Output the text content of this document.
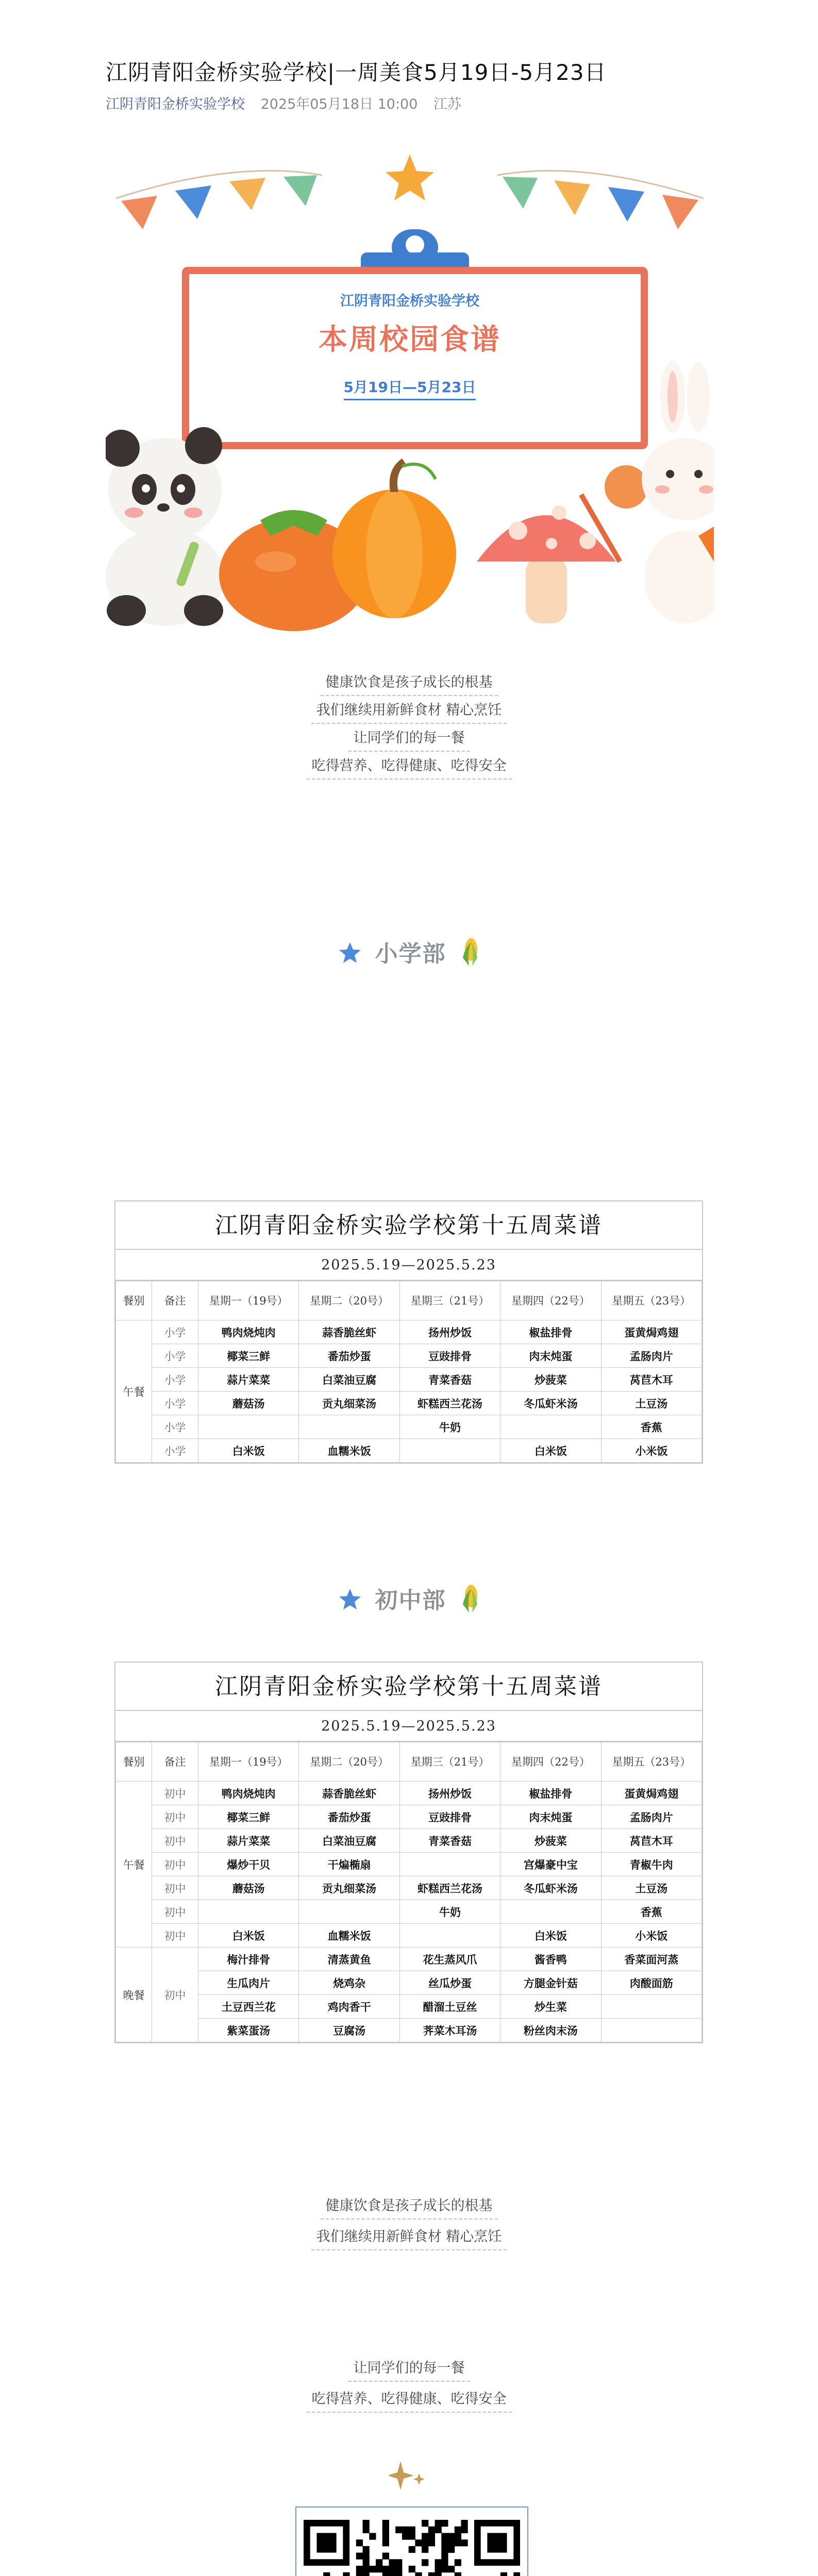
江阴青阳金桥实验学校|一周美食5月19日-5月23日
江阴青阳金桥实验学校 2025年05月18日 10:00 江苏
江阴青阳金桥实验学校
本周校园食谱
5月19日—5月23日
健康饮食是孩子成长的根基
我们继续用新鲜食材 精心烹饪
让同学们的每一餐
吃得营养、吃得健康、吃得安全
小学部
江阴青阳金桥实验学校第十五周菜谱
2025.5.19—2025.5.23
餐别	备注	星期一（19号）	星期二（20号）	星期三（21号）	星期四（22号）	星期五（23号）
午餐	小学	鸭肉烧炖肉	蒜香脆丝虾	扬州炒饭	椒盐排骨	蛋黄焗鸡翅
	小学	椰菜三鲜	番茄炒蛋	豆豉排骨	肉末炖蛋	孟肠肉片
	小学	蒜片菜菜	白菜油豆腐	青菜香菇	炒菠菜	莴苣木耳
	小学	蘑菇汤	贡丸细菜汤	虾糕西兰花汤	冬瓜虾米汤	土豆汤
	小学			牛奶		香蕉
	小学	白米饭	血糯米饭		白米饭	小米饭
初中部
江阴青阳金桥实验学校第十五周菜谱
2025.5.19—2025.5.23
餐别	备注	星期一（19号）	星期二（20号）	星期三（21号）	星期四（22号）	星期五（23号）
午餐	初中	鸭肉烧炖肉	蒜香脆丝虾	扬州炒饭	椒盐排骨	蛋黄焗鸡翅
	初中	椰菜三鲜	番茄炒蛋	豆豉排骨	肉末炖蛋	孟肠肉片
	初中	蒜片菜菜	白菜油豆腐	青菜香菇	炒菠菜	莴苣木耳
	初中	爆炒干贝	干煸椭扇		宫爆豪中宝	青椒牛肉
	初中	蘑菇汤	贡丸细菜汤	虾糕西兰花汤	冬瓜虾米汤	土豆汤
	初中			牛奶		香蕉
	初中	白米饭	血糯米饭		白米饭	小米饭
晚餐	初中	梅汁排骨	清蒸黄鱼	花生蒸风爪	酱香鸭	香菜面河蒸
		生瓜肉片	烧鸡杂	丝瓜炒蛋	方腿金针菇	肉酸面筋
		土豆西兰花	鸡肉香干	醋溜土豆丝	炒生菜	
		紫菜蛋汤	豆腐汤	荠菜木耳汤	粉丝肉末汤	
健康饮食是孩子成长的根基
我们继续用新鲜食材 精心烹饪
让同学们的每一餐
吃得营养、吃得健康、吃得安全
